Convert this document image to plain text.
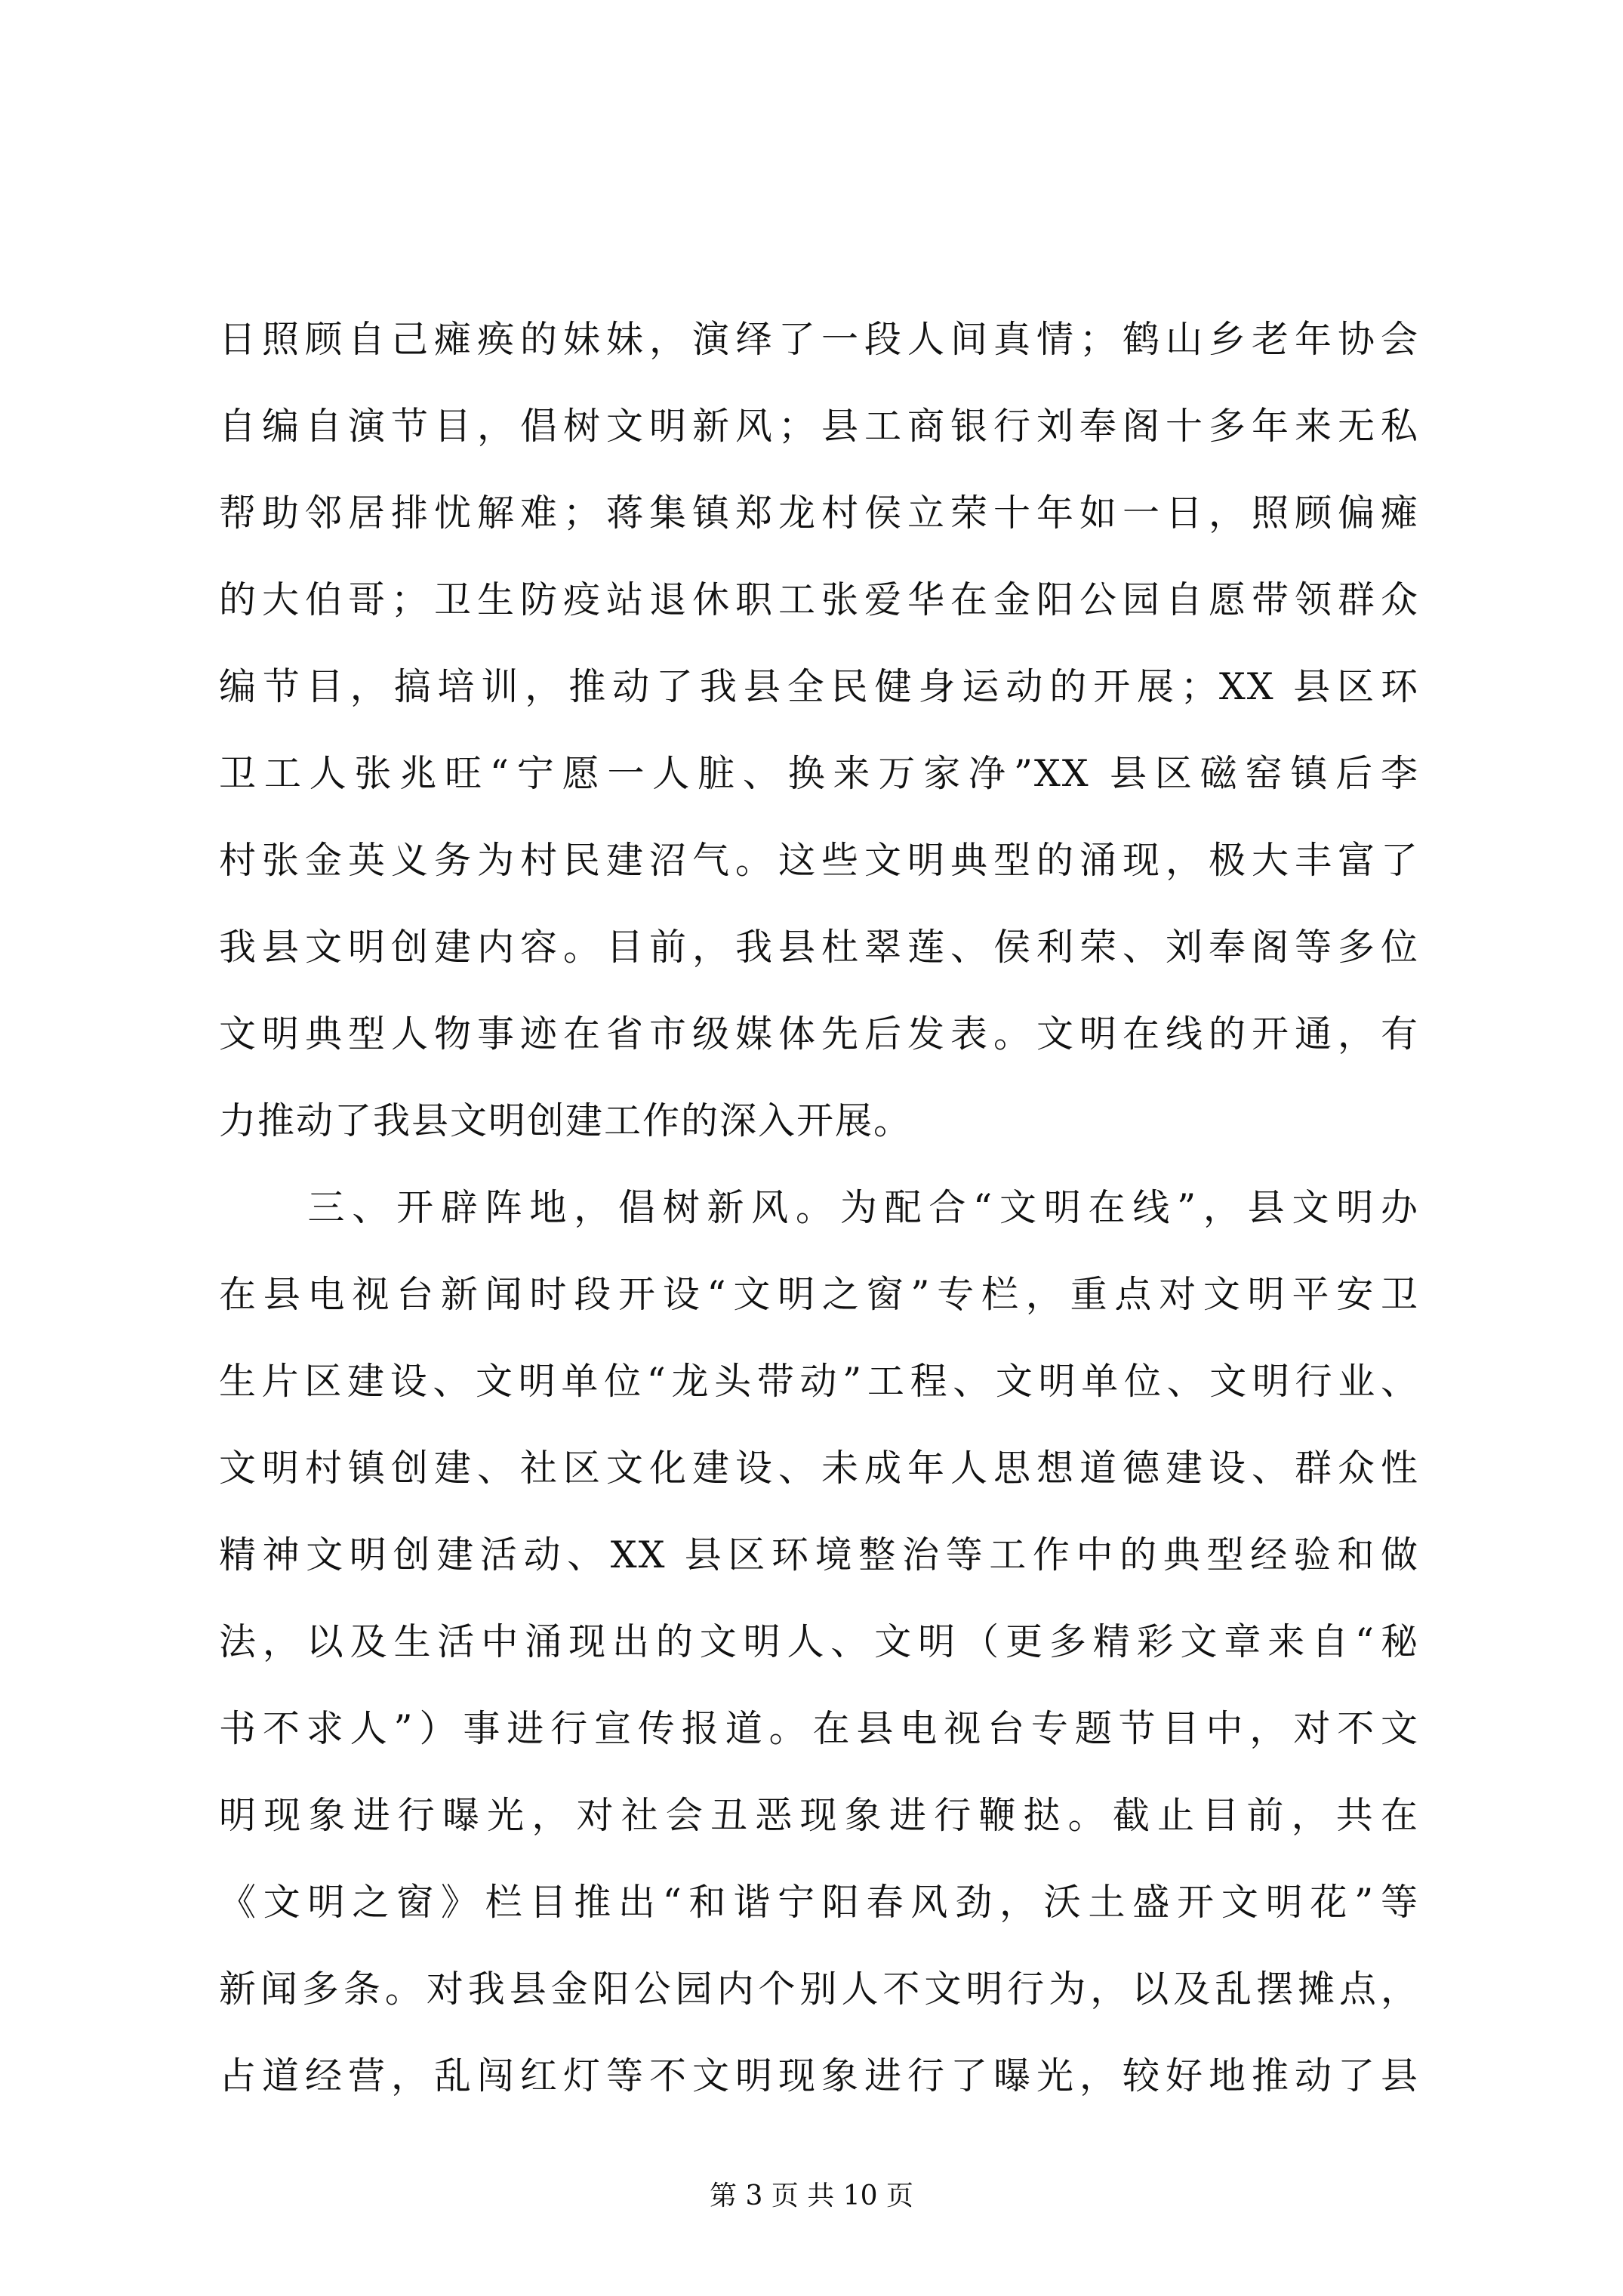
日照顾自己瘫痪的妹妹，演绎了一段人间真情；鹤山乡老年协会
自编自演节目，倡树文明新风；县工商银行刘奉阁十多年来无私
帮助邻居排忧解难；蒋集镇郑龙村侯立荣十年如一日，照顾偏瘫
的大伯哥；卫生防疫站退休职工张爱华在金阳公园自愿带领群众
编节目，搞培训，推动了我县全民健身运动的开展；XX 县区环
卫工人张兆旺“宁愿一人脏、换来万家净”XX 县区磁窑镇后李
村张金英义务为村民建沼气。这些文明典型的涌现，极大丰富了
我县文明创建内容。目前，我县杜翠莲、侯利荣、刘奉阁等多位
文明典型人物事迹在省市级媒体先后发表。文明在线的开通，有
力推动了我县文明创建工作的深入开展。
　　三、开辟阵地，倡树新风。为配合“文明在线”，县文明办
在县电视台新闻时段开设“文明之窗”专栏，重点对文明平安卫
生片区建设、文明单位“龙头带动”工程、文明单位、文明行业、
文明村镇创建、社区文化建设、未成年人思想道德建设、群众性
精神文明创建活动、XX 县区环境整治等工作中的典型经验和做
法，以及生活中涌现出的文明人、文明（更多精彩文章来自“秘
书不求人”）事进行宣传报道。在县电视台专题节目中，对不文
明现象进行曝光，对社会丑恶现象进行鞭挞。截止目前，共在
《文明之窗》栏目推出“和谐宁阳春风劲，沃土盛开文明花”等
新闻多条。对我县金阳公园内个别人不文明行为，以及乱摆摊点，
占道经营，乱闯红灯等不文明现象进行了曝光，较好地推动了县
第 3 页 共 10 页
